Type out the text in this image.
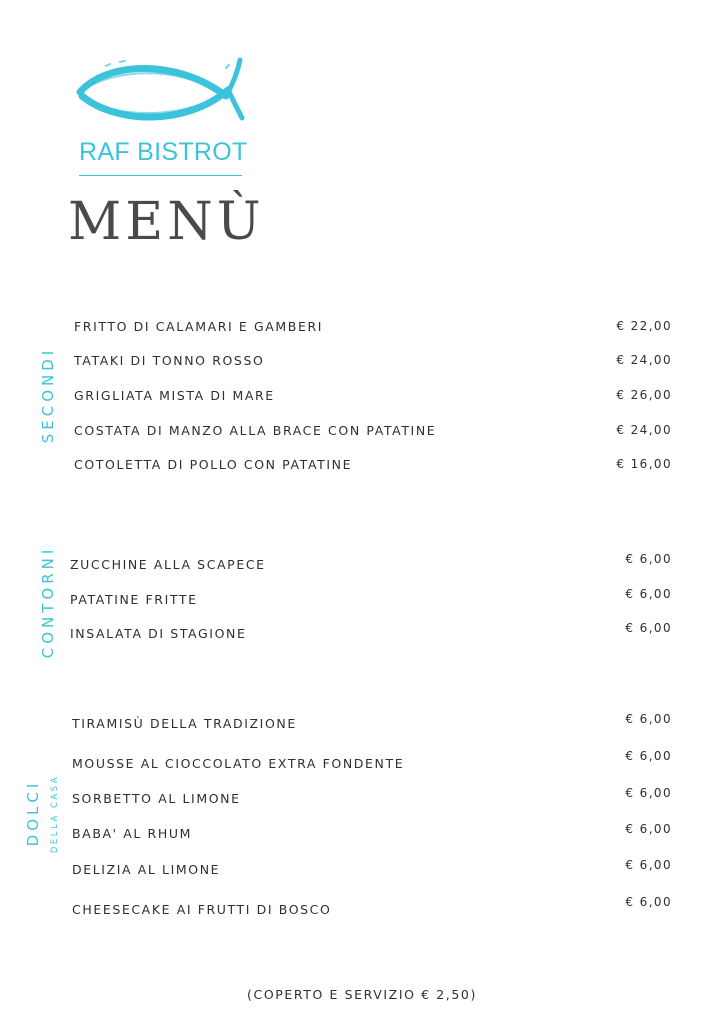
RAF BISTROT
MENÙ
SECONDI
FRITTO DI CALAMARI E GAMBERI	€ 22,00
TATAKI DI TONNO ROSSO	€ 24,00
GRIGLIATA MISTA DI MARE	€ 26,00
COSTATA DI MANZO ALLA BRACE CON PATATINE	€ 24,00
COTOLETTA DI POLLO CON PATATINE	€ 16,00
CONTORNI ZUCCHINE ALLA SCAPECE	€ 6,00
PATATINE FRITTE	€ 6,00
INSALATA DI STAGIONE	€ 6,00
DOLCI DELLA CASA
TIRAMISÙ DELLA TRADIZIONE	€ 6,00
MOUSSE AL CIOCCOLATO EXTRA FONDENTE	€ 6,00
SORBETTO AL LIMONE	€ 6,00
BABA' AL RHUM	€ 6,00
DELIZIA AL LIMONE	€ 6,00
CHEESECAKE AI FRUTTI DI BOSCO	€ 6,00
(COPERTO E SERVIZIO € 2,50)
